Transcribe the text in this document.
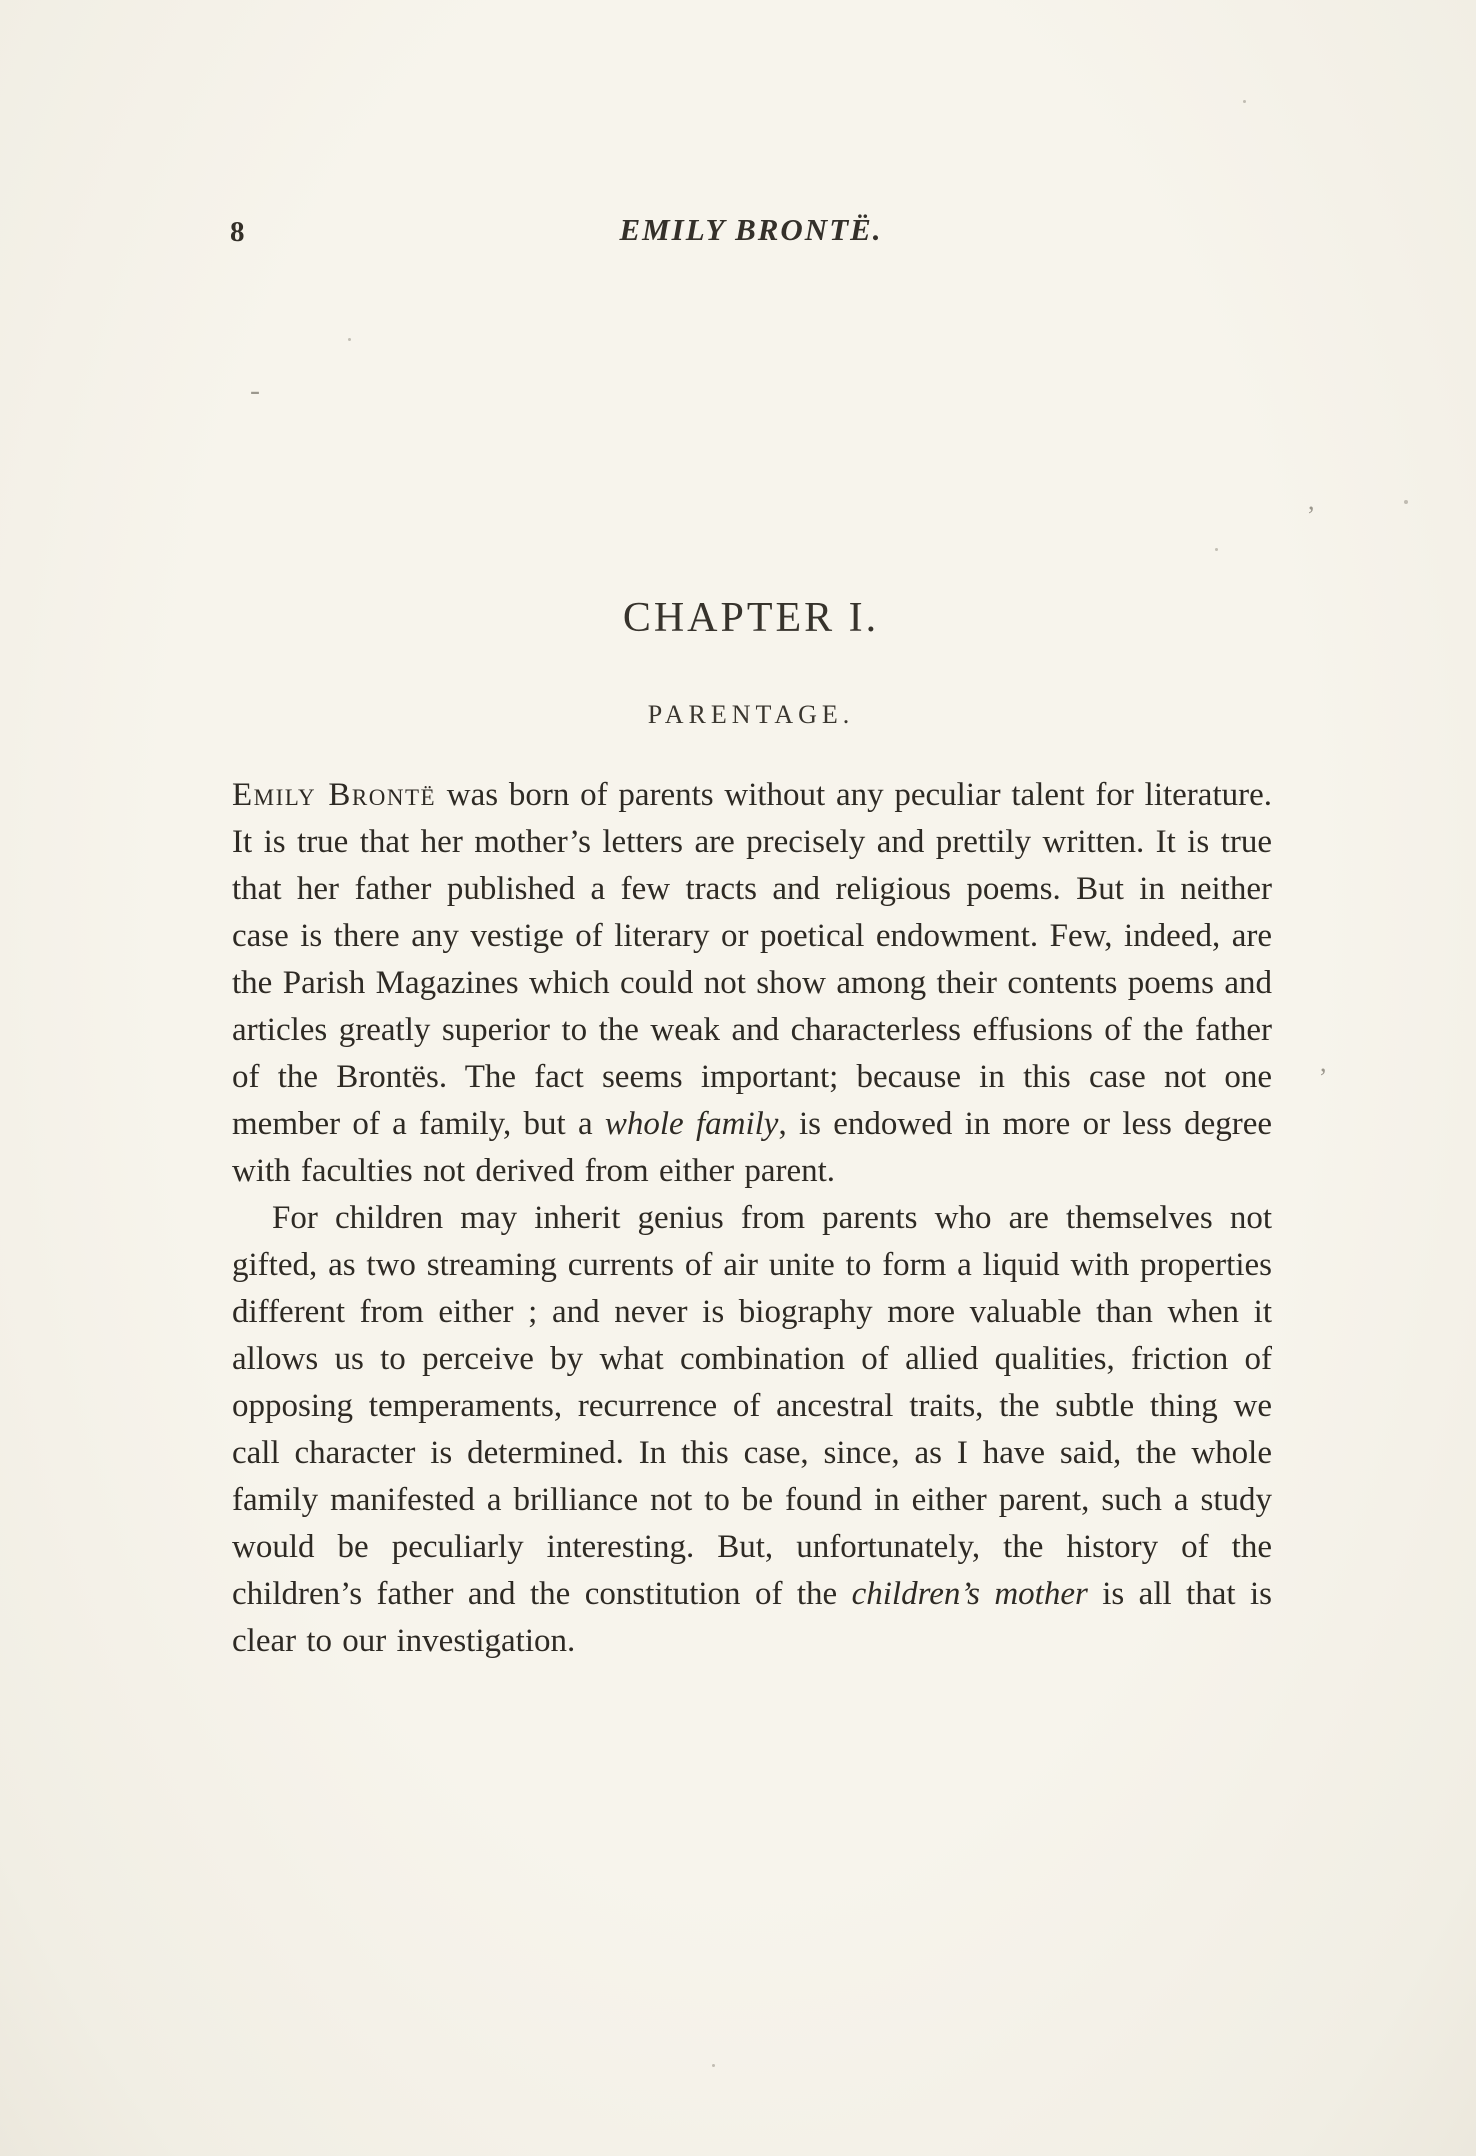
8	EMILY BRONTË.
CHAPTER I.
PARENTAGE.

Emily Brontë was born of parents without any peculiar talent for literature. It is true that her mother’s letters are precisely and prettily written. It is true that her father published a few tracts and religious poems. But in neither case is there any vestige of literary or poetical endowment. Few, indeed, are the Parish Magazines which could not show among their contents poems and articles greatly superior to the weak and characterless effusions of the father of the Brontës. The fact seems important; because in this case not one member of a family, but a whole family, is endowed in more or less degree with faculties not derived from either parent.

For children may inherit genius from parents who are themselves not gifted, as two streaming currents of air unite to form a liquid with properties different from either ; and never is biography more valuable than when it allows us to perceive by what combination of allied qualities, friction of opposing temperaments, recurrence of ancestral traits, the subtle thing we call character is determined. In this case, since, as I have said, the whole family manifested a brilliance not to be found in either parent, such a study would be peculiarly interesting. But, unfortunately, the history of the children’s father and the constitution of the children’s mother is all that is clear to our investigation.

,
,
-
